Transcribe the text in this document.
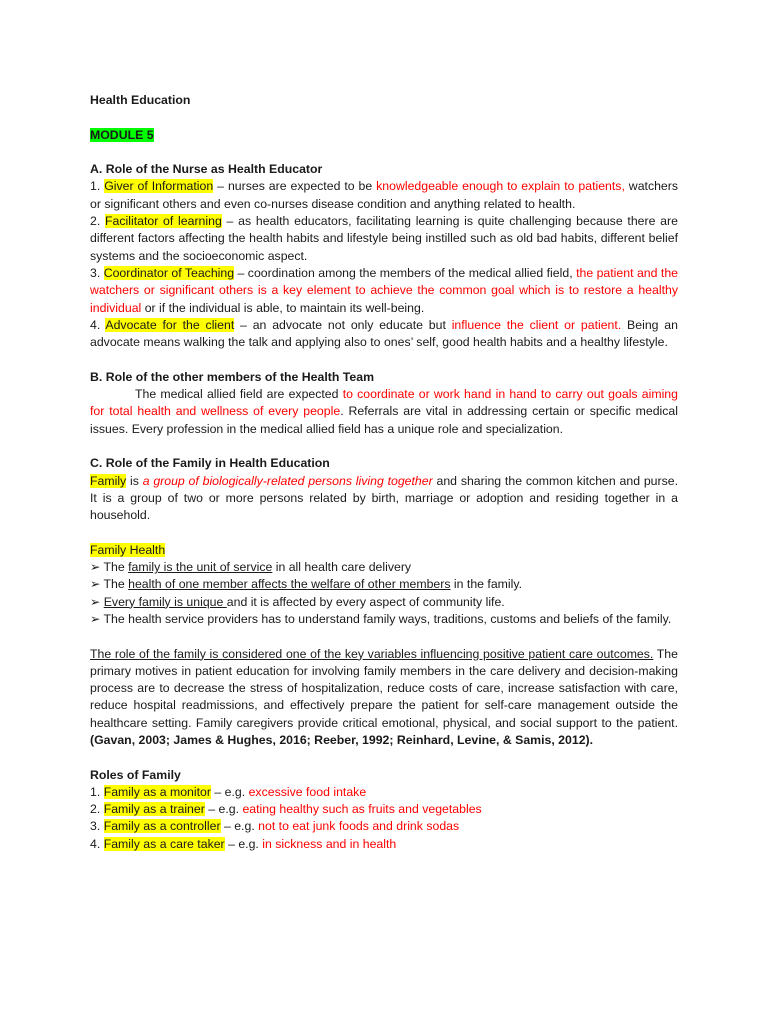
Health Education

MODULE 5

A. Role of the Nurse as Health Educator

1. Giver of Information – nurses are expected to be knowledgeable enough to explain to patients, watchers or significant others and even co-nurses disease condition and anything related to health.

2. Facilitator of learning – as health educators, facilitating learning is quite challenging because there are different factors affecting the health habits and lifestyle being instilled such as old bad habits, different belief systems and the socioeconomic aspect.

3. Coordinator of Teaching – coordination among the members of the medical allied field, the patient and the watchers or significant others is a key element to achieve the common goal which is to restore a healthy individual or if the individual is able, to maintain its well-being.

4. Advocate for the client – an advocate not only educate but influence the client or patient. Being an advocate means walking the talk and applying also to ones’ self, good health habits and a healthy lifestyle.

B. Role of the other members of the Health Team

The medical allied field are expected to coordinate or work hand in hand to carry out goals aiming for total health and wellness of every people. Referrals are vital in addressing certain or specific medical issues. Every profession in the medical allied field has a unique role and specialization.

C. Role of the Family in Health Education

Family is a group of biologically-related persons living together and sharing the common kitchen and purse. It is a group of two or more persons related by birth, marriage or adoption and residing together in a household.

Family Health

➢ The family is the unit of service in all health care delivery

➢ The health of one member affects the welfare of other members in the family.

➢ Every family is unique and it is affected by every aspect of community life.

➢ The health service providers has to understand family ways, traditions, customs and beliefs of the family.

The role of the family is considered one of the key variables influencing positive patient care outcomes. The primary motives in patient education for involving family members in the care delivery and decision-making process are to decrease the stress of hospitalization, reduce costs of care, increase satisfaction with care, reduce hospital readmissions, and effectively prepare the patient for self-care management outside the healthcare setting. Family caregivers provide critical emotional, physical, and social support to the patient.(Gavan, 2003; James & Hughes, 2016; Reeber, 1992; Reinhard, Levine, & Samis, 2012).

Roles of Family

1. Family as a monitor – e.g. excessive food intake

2. Family as a trainer – e.g. eating healthy such as fruits and vegetables

3. Family as a controller – e.g. not to eat junk foods and drink sodas

4. Family as a care taker – e.g. in sickness and in health
